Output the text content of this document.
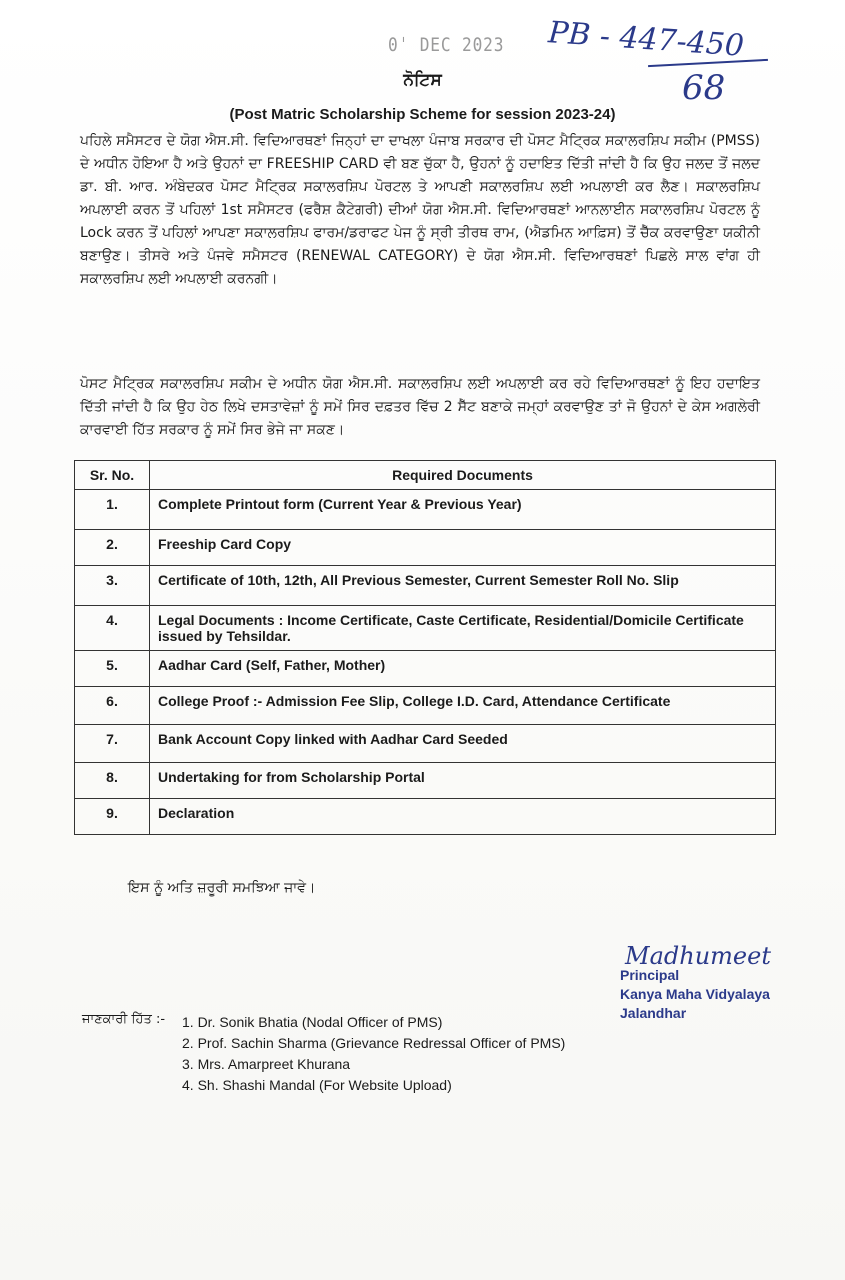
0ˈ DEC 2023 PB - 447-450
68
ਨੋਟਿਸ
(Post Matric Scholarship Scheme for session 2023-24)
ਪਹਿਲੇ ਸਮੈਸਟਰ ਦੇ ਯੋਗ ਐਸ.ਸੀ. ਵਿਦਿਆਰਥਣਾਂ ਜਿਨ੍ਹਾਂ ਦਾ ਦਾਖਲਾ ਪੰਜਾਬ ਸਰਕਾਰ ਦੀ ਪੋਸਟ ਮੈਟ੍ਰਿਕ ਸਕਾਲਰਸ਼ਿਪ ਸਕੀਮ (PMSS) ਦੇ ਅਧੀਨ ਹੋਇਆ ਹੈ ਅਤੇ ਉਹਨਾਂ ਦਾ FREESHIP CARD ਵੀ ਬਣ ਚੁੱਕਾ ਹੈ, ਉਹਨਾਂ ਨੂੰ ਹਦਾਇਤ ਦਿੱਤੀ ਜਾਂਦੀ ਹੈ ਕਿ ਉਹ ਜਲਦ ਤੋਂ ਜਲਦ ਡਾ. ਬੀ. ਆਰ. ਅੰਬੇਦਕਰ ਪੋਸਟ ਮੈਟ੍ਰਿਕ ਸਕਾਲਰਸ਼ਿਪ ਪੋਰਟਲ ਤੇ ਆਪਣੀ ਸਕਾਲਰਸ਼ਿਪ ਲਈ ਅਪਲਾਈ ਕਰ ਲੈਣ। ਸਕਾਲਰਸ਼ਿਪ ਅਪਲਾਈ ਕਰਨ ਤੋਂ ਪਹਿਲਾਂ 1st ਸਮੈਸਟਰ (ਫਰੈਸ਼ ਕੈਟੇਗਰੀ) ਦੀਆਂ ਯੋਗ ਐਸ.ਸੀ. ਵਿਦਿਆਰਥਣਾਂ ਆਨਲਾਈਨ ਸਕਾਲਰਸ਼ਿਪ ਪੋਰਟਲ ਨੂੰ Lock ਕਰਨ ਤੋਂ ਪਹਿਲਾਂ ਆਪਣਾ ਸਕਾਲਰਸ਼ਿਪ ਫਾਰਮ/ਡਰਾਫਟ ਪੇਜ ਨੂੰ ਸ੍ਰੀ ਤੀਰਥ ਰਾਮ, (ਐਡਮਿਨ ਆਫ਼ਿਸ) ਤੋਂ ਚੈੱਕ ਕਰਵਾਉਣਾ ਯਕੀਨੀ ਬਣਾਉਣ। ਤੀਸਰੇ ਅਤੇ ਪੰਜਵੇ ਸਮੈਸਟਰ (RENEWAL CATEGORY) ਦੇ ਯੋਗ ਐਸ.ਸੀ. ਵਿਦਿਆਰਥਣਾਂ ਪਿਛਲੇ ਸਾਲ ਵਾਂਗ ਹੀ ਸਕਾਲਰਸ਼ਿਪ ਲਈ ਅਪਲਾਈ ਕਰਨਗੀ।
ਪੋਸਟ ਮੈਟ੍ਰਿਕ ਸਕਾਲਰਸ਼ਿਪ ਸਕੀਮ ਦੇ ਅਧੀਨ ਯੋਗ ਐਸ.ਸੀ. ਸਕਾਲਰਸ਼ਿਪ ਲਈ ਅਪਲਾਈ ਕਰ ਰਹੇ ਵਿਦਿਆਰਥਣਾਂ ਨੂੰ ਇਹ ਹਦਾਇਤ ਦਿੱਤੀ ਜਾਂਦੀ ਹੈ ਕਿ ਉਹ ਹੇਠ ਲਿਖੇ ਦਸਤਾਵੇਜ਼ਾਂ ਨੂੰ ਸਮੇਂ ਸਿਰ ਦਫ਼ਤਰ ਵਿੱਚ 2 ਸੈੱਟ ਬਣਾਕੇ ਜਮ੍ਹਾਂ ਕਰਵਾਉਣ ਤਾਂ ਜੋ ਉਹਨਾਂ ਦੇ ਕੇਸ ਅਗਲੇਰੀ ਕਾਰਵਾਈ ਹਿੱਤ ਸਰਕਾਰ ਨੂੰ ਸਮੇਂ ਸਿਰ ਭੇਜੇ ਜਾ ਸਕਣ।
Sr. No.	Required Documents
1.	Complete Printout form (Current Year & Previous Year)
2.	Freeship Card Copy
3.	Certificate of 10th, 12th, All Previous Semester, Current Semester Roll No. Slip
4.	Legal Documents : Income Certificate, Caste Certificate, Residential/Domicile Certificate issued by Tehsildar.
5.	Aadhar Card (Self, Father, Mother)
6.	College Proof :- Admission Fee Slip, College I.D. Card, Attendance Certificate
7.	Bank Account Copy linked with Aadhar Card Seeded
8.	Undertaking for from Scholarship Portal
9.	Declaration
ਇਸ ਨੂੰ ਅਤਿ ਜ਼ਰੂਰੀ ਸਮਝਿਆ ਜਾਵੇ।
Madhumeet
Principal
Kanya Maha Vidyalaya
Jalandhar
ਜਾਣਕਾਰੀ ਹਿੱਤ :- 1. Dr. Sonik Bhatia (Nodal Officer of PMS)
2. Prof. Sachin Sharma (Grievance Redressal Officer of PMS)
3. Mrs. Amarpreet Khurana
4. Sh. Shashi Mandal (For Website Upload)
